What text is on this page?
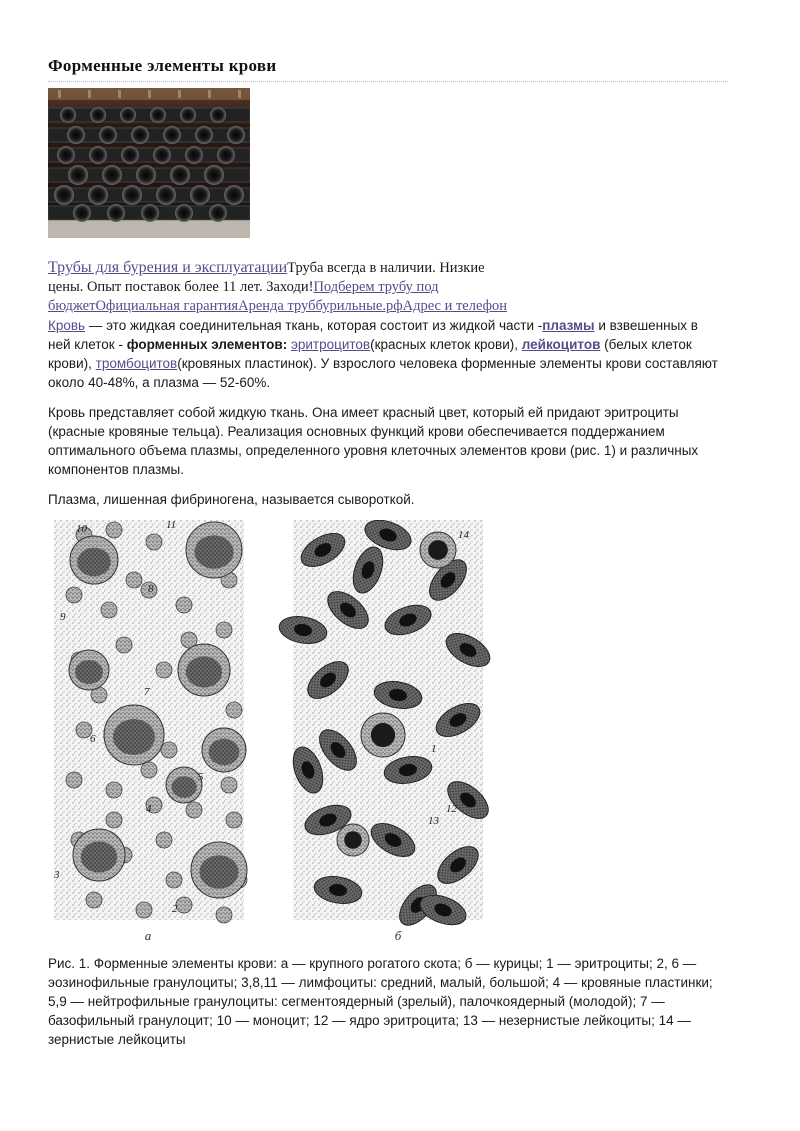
Форменные элементы крови
Трубы для бурения и эксплуатацииТруба всегда в наличии. Низкие цены. Опыт поставок более 11 лет. Заходи!Подберем трубу под бюджетОфициальная гарантияАренда труббурильные.рфАдрес и телефон

Кровь — это жидкая соединительная ткань, которая состоит из жидкой части -плазмы и взвешенных в ней клеток - форменных элементов: эритроцитов(красных клеток крови), лейкоцитов (белых клеток крови), тромбоцитов(кровяных пластинок). У взрослого человека форменные элементы крови составляют около 40-48%, а плазма — 52-60%.

Кровь представляет собой жидкую ткань. Она имеет красный цвет, который ей придают эритроциты (красные кровяные тельца). Реализация основных функций крови обеспечивается поддержанием оптимального объема плазмы, определенного уровня клеточных элементов крови (рис. 1) и различных компонентов плазмы.

Плазма, лишенная фибриногена, называется сывороткой.

10	11
9
8
7
6
5
4
3
2
14
1
13
12
а	б
Рис. 1. Форменные элементы крови: а — крупного рогатого скота; б — курицы; 1 — эритроциты; 2, 6 — эозинофильные гранулоциты; 3,8,11 — лимфоциты: средний, малый, большой; 4 — кровяные пластинки; 5,9 — нейтрофильные гранулоциты: сегментоядерный (зрелый), палочкоядерный (молодой); 7 — базофильный гранулоцит; 10 — моноцит; 12 — ядро эритроцита; 13 — незернистые лейкоциты; 14 — зернистые лейкоциты
